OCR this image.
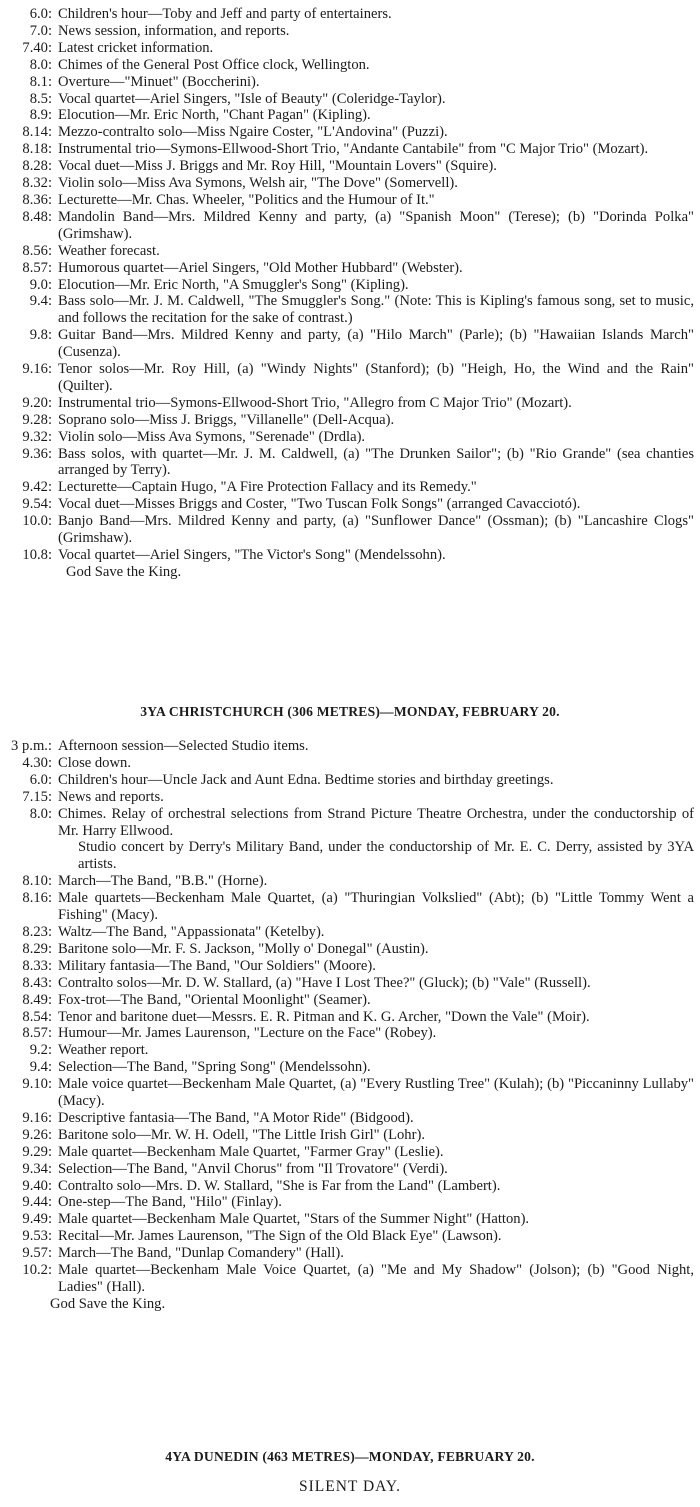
6.0: Children's hour—Toby and Jeff and party of entertainers.
7.0: News session, information, and reports.
7.40: Latest cricket information.
8.0: Chimes of the General Post Office clock, Wellington.
8.1: Overture—"Minuet" (Boccherini).
8.5: Vocal quartet—Ariel Singers, "Isle of Beauty" (Coleridge-Taylor).
8.9: Elocution—Mr. Eric North, "Chant Pagan" (Kipling).
8.14: Mezzo-contralto solo—Miss Ngaire Coster, "L'Andovina" (Puzzi).
8.18: Instrumental trio—Symons-Ellwood-Short Trio, "Andante Cantabile" from "C Major Trio" (Mozart).
8.28: Vocal duet—Miss J. Briggs and Mr. Roy Hill, "Mountain Lovers" (Squire).
8.32: Violin solo—Miss Ava Symons, Welsh air, "The Dove" (Somervell).
8.36: Lecturette—Mr. Chas. Wheeler, "Politics and the Humour of It."
8.48: Mandolin Band—Mrs. Mildred Kenny and party, (a) "Spanish Moon" (Terese); (b) "Dorinda Polka" (Grimshaw).
8.56: Weather forecast.
8.57: Humorous quartet—Ariel Singers, "Old Mother Hubbard" (Webster).
9.0: Elocution—Mr. Eric North, "A Smuggler's Song" (Kipling).
9.4: Bass solo—Mr. J. M. Caldwell, "The Smuggler's Song." (Note: This is Kipling's famous song, set to music, and follows the recitation for the sake of contrast.)
9.8: Guitar Band—Mrs. Mildred Kenny and party, (a) "Hilo March" (Parle); (b) "Hawaiian Islands March" (Cusenza).
9.16: Tenor solos—Mr. Roy Hill, (a) "Windy Nights" (Stanford); (b) "Heigh, Ho, the Wind and the Rain" (Quilter).
9.20: Instrumental trio—Symons-Ellwood-Short Trio, "Allegro from C Major Trio" (Mozart).
9.28: Soprano solo—Miss J. Briggs, "Villanelle" (Dell-Acqua).
9.32: Violin solo—Miss Ava Symons, "Serenade" (Drdla).
9.36: Bass solos, with quartet—Mr. J. M. Caldwell, (a) "The Drunken Sailor"; (b) "Rio Grande" (sea chanties arranged by Terry).
9.42: Lecturette—Captain Hugo, "A Fire Protection Fallacy and its Remedy."
9.54: Vocal duet—Misses Briggs and Coster, "Two Tuscan Folk Songs" (arranged Cavacciotó).
10.0: Banjo Band—Mrs. Mildred Kenny and party, (a) "Sunflower Dance" (Ossman); (b) "Lancashire Clogs" (Grimshaw).
10.8: Vocal quartet—Ariel Singers, "The Victor's Song" (Mendelssohn).
God Save the King.
3YA CHRISTCHURCH (306 METRES)—MONDAY, FEBRUARY 20.
3 p.m.: Afternoon session—Selected Studio items.
4.30: Close down.
6.0: Children's hour—Uncle Jack and Aunt Edna. Bedtime stories and birthday greetings.
7.15: News and reports.
8.0: Chimes. Relay of orchestral selections from Strand Picture Theatre Orchestra, under the conductorship of Mr. Harry Ellwood.
Studio concert by Derry's Military Band, under the conductorship of Mr. E. C. Derry, assisted by 3YA artists.
8.10: March—The Band, "B.B." (Horne).
8.16: Male quartets—Beckenham Male Quartet, (a) "Thuringian Volkslied" (Abt); (b) "Little Tommy Went a Fishing" (Macy).
8.23: Waltz—The Band, "Appassionata" (Ketelby).
8.29: Baritone solo—Mr. F. S. Jackson, "Molly o' Donegal" (Austin).
8.33: Military fantasia—The Band, "Our Soldiers" (Moore).
8.43: Contralto solos—Mr. D. W. Stallard, (a) "Have I Lost Thee?" (Gluck); (b) "Vale" (Russell).
8.49: Fox-trot—The Band, "Oriental Moonlight" (Seamer).
8.54: Tenor and baritone duet—Messrs. E. R. Pitman and K. G. Archer, "Down the Vale" (Moir).
8.57: Humour—Mr. James Laurenson, "Lecture on the Face" (Robey).
9.2: Weather report.
9.4: Selection—The Band, "Spring Song" (Mendelssohn).
9.10: Male voice quartet—Beckenham Male Quartet, (a) "Every Rustling Tree" (Kulah); (b) "Piccaninny Lullaby" (Macy).
9.16: Descriptive fantasia—The Band, "A Motor Ride" (Bidgood).
9.26: Baritone solo—Mr. W. H. Odell, "The Little Irish Girl" (Lohr).
9.29: Male quartet—Beckenham Male Quartet, "Farmer Gray" (Leslie).
9.34: Selection—The Band, "Anvil Chorus" from "Il Trovatore" (Verdi).
9.40: Contralto solo—Mrs. D. W. Stallard, "She is Far from the Land" (Lambert).
9.44: One-step—The Band, "Hilo" (Finlay).
9.49: Male quartet—Beckenham Male Quartet, "Stars of the Summer Night" (Hatton).
9.53: Recital—Mr. James Laurenson, "The Sign of the Old Black Eye" (Lawson).
9.57: March—The Band, "Dunlap Comandery" (Hall).
10.2: Male quartet—Beckenham Male Voice Quartet, (a) "Me and My Shadow" (Jolson); (b) "Good Night, Ladies" (Hall).
God Save the King.
4YA DUNEDIN (463 METRES)—MONDAY, FEBRUARY 20.
SILENT DAY.
